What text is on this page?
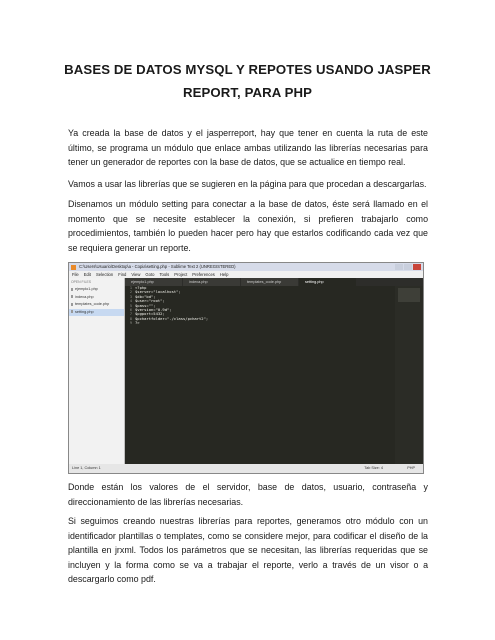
BASES DE DATOS MYSQL Y REPOTES USANDO JASPER
REPORT, PARA PHP
Ya creada la base de datos y el jasperreport, hay que tener en cuenta la ruta de este último, se programa un módulo que enlace ambas utilizando las librerías necesarias para tener un generador de reportes con la base de datos, que se actualice en tiempo real.
Vamos a usar las librerías que se sugieren en la página para que procedan a descargarlas.
Disenamos un módulo setting para conectar a la base de datos, éste será llamado en el momento que se necesite establecer la conexión, si prefieren trabajarlo como procedimientos, también lo pueden hacer pero hay que estarlos codificando cada vez que se requiera generar un reporte.
C:\Users\Usuario\Desktop\a - Copia\setting.php - Sublime Text 2 (UNREGISTERED)
File Edit Selection Find View Goto Tools Project Preferences Help
OPEN FILES
ejemplo1.php
indexa.php
templates_code.php
setting.php
ejemplo1.php	indexa.php	templates_code.php	setting.php
1
2
3
4
5
6
7
8
9
<?php
$server="localhost";
$db="bd";
$user="root";
$pass="";
$version="0.9d";
$pgport=5432;
$pchartfolder="./class/pchart2";
?>
Line 1, Column 1	Tab Size: 4	PHP
Donde están los valores de el servidor, base de datos, usuario, contraseña y direccionamiento de las librerías necesarias.
Si seguimos creando nuestras librerías para reportes, generamos otro módulo con un identificador plantillas o templates, como se considere mejor, para codificar el diseño de la plantilla en jrxml. Todos los parámetros que se necesitan, las librerías requeridas que se incluyen y la forma como se va a trabajar el reporte, verlo a través de un visor o a descargarlo como pdf.
